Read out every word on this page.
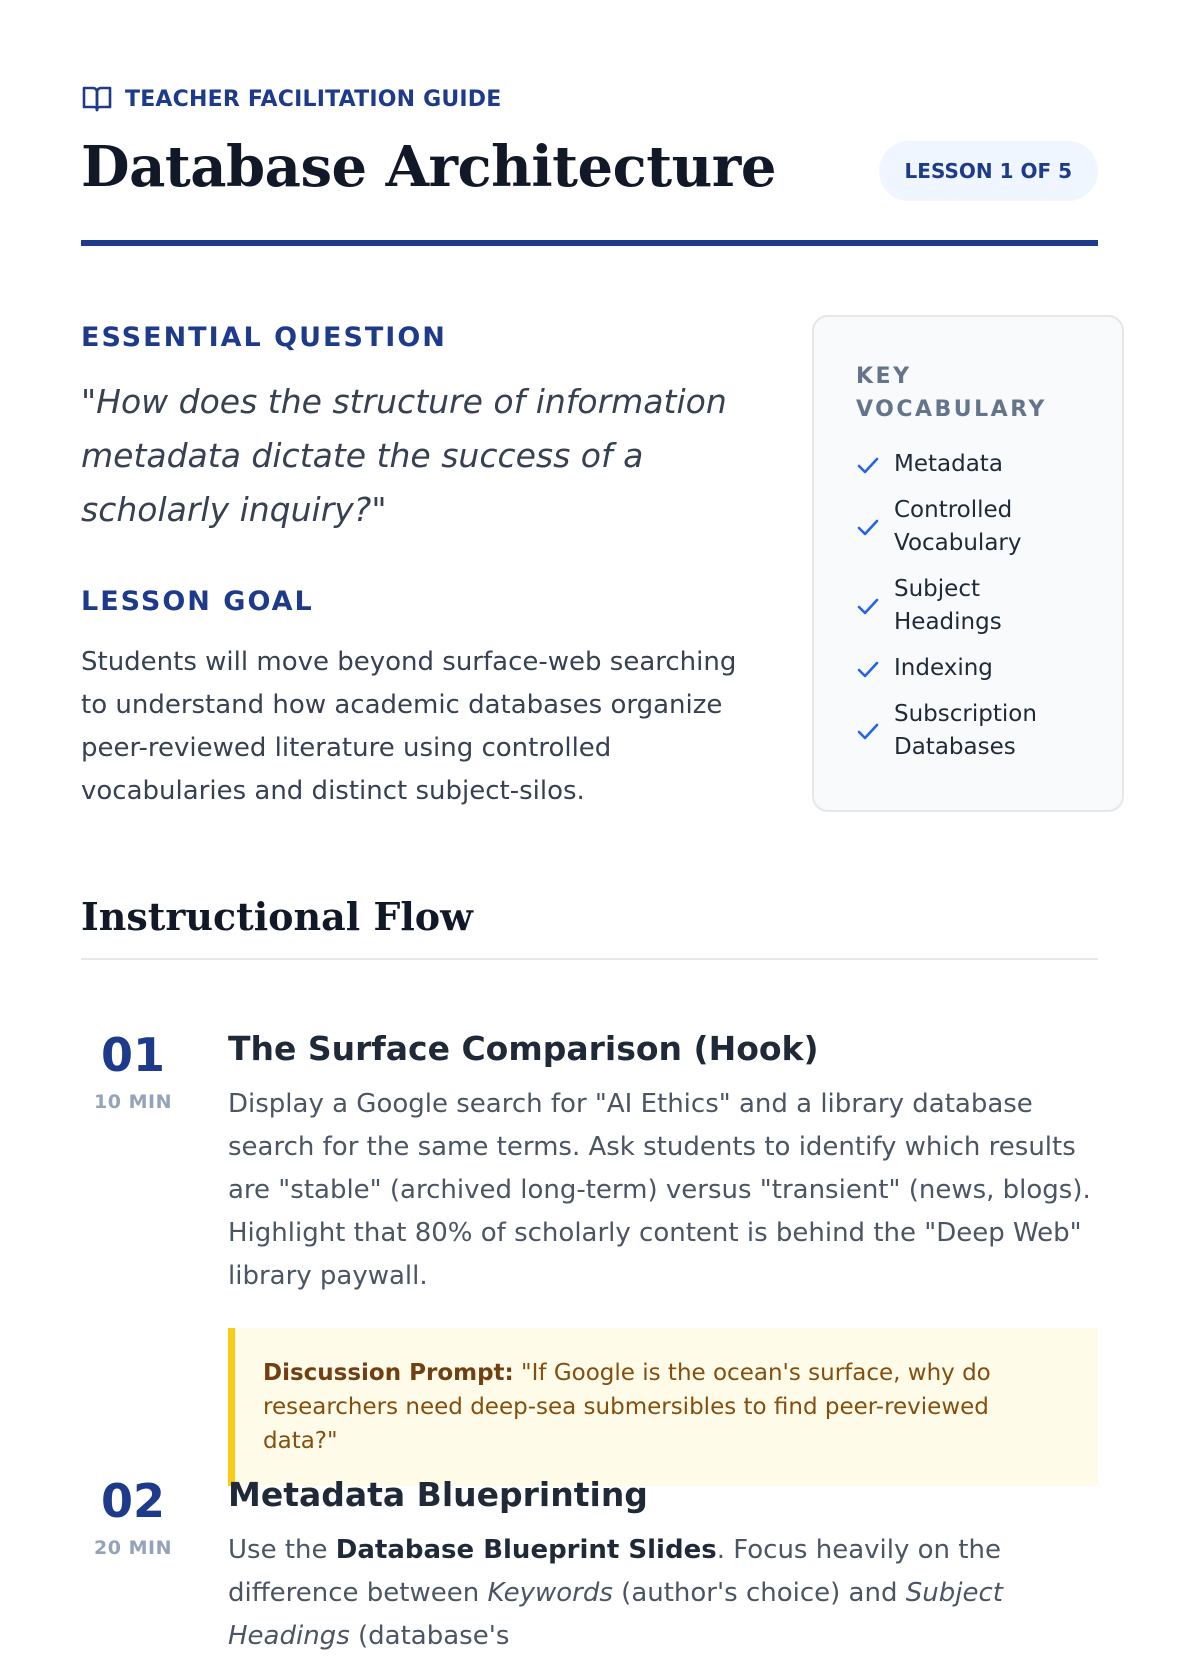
TEACHER FACILITATION GUIDE
Database Architecture	LESSON 1 OF 5
ESSENTIAL QUESTION

"How does the structure of information metadata dictate the success of a scholarly inquiry?"

LESSON GOAL

Students will move beyond surface-web searching to understand how academic databases organize peer-reviewed literature using controlled vocabularies and distinct subject-silos.

KEY VOCABULARY
Metadata
Controlled Vocabulary
Subject Headings
Indexing
Subscription Databases
Instructional Flow
01
10 MIN
The Surface Comparison (Hook)

Display a Google search for "AI Ethics" and a library database search for the same terms. Ask students to identify which results are "stable" (archived long-term) versus "transient" (news, blogs). Highlight that 80% of scholarly content is behind the "Deep Web" library paywall.

Discussion Prompt: "If Google is the ocean's surface, why do researchers need deep-sea submersibles to find peer-reviewed data?"
02
20 MIN
Metadata Blueprinting

Use the Database Blueprint Slides. Focus heavily on the difference between Keywords (author's choice) and Subject Headings (database's
